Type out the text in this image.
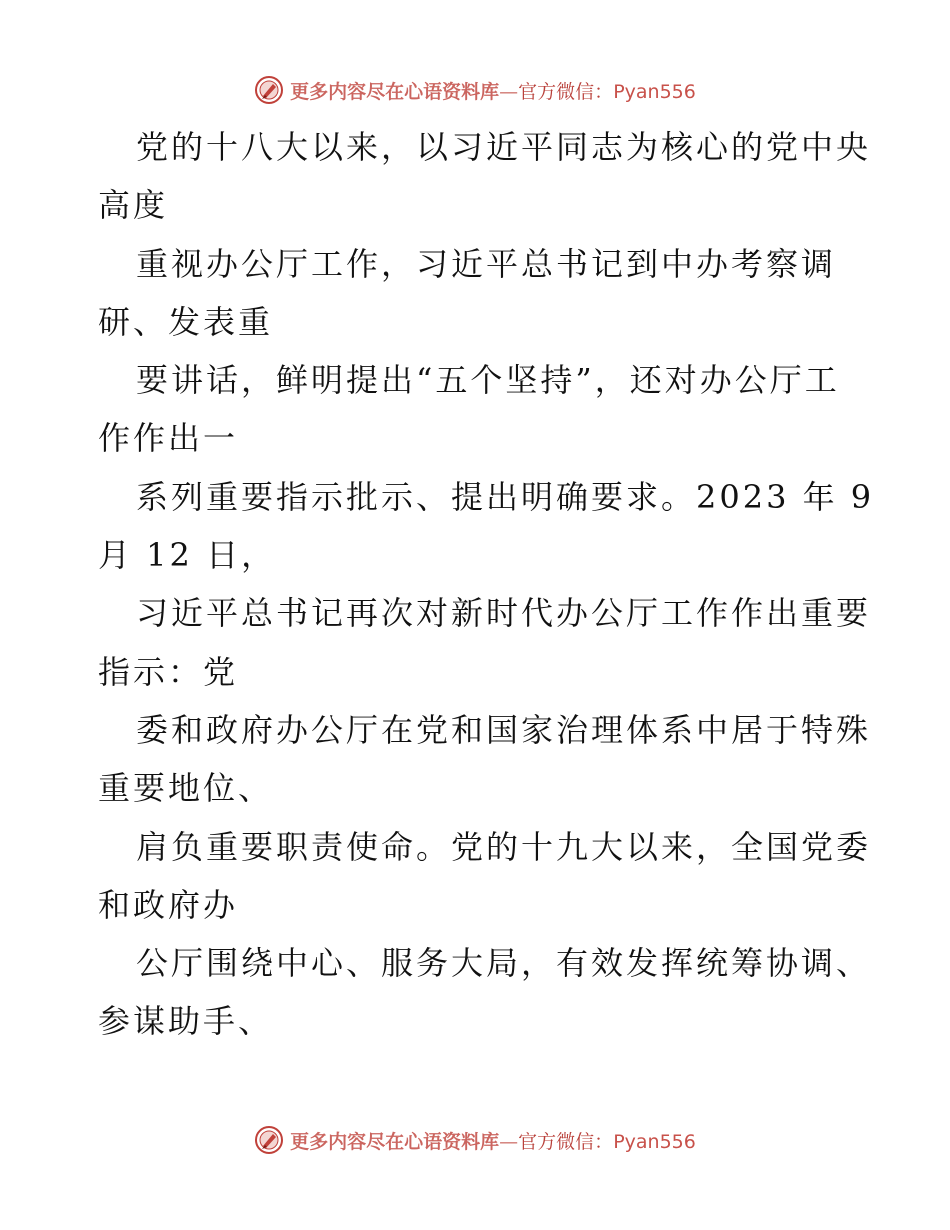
更多内容尽在心语资料库—官方微信：Pyan556
党的十八大以来，以习近平同志为核心的党中央
高度
重视办公厅工作，习近平总书记到中办考察调
研、发表重
要讲话，鲜明提出“五个坚持”，还对办公厅工
作作出一
系列重要指示批示、提出明确要求。2023 年 9
月 12 日，
习近平总书记再次对新时代办公厅工作作出重要
指示：党
委和政府办公厅在党和国家治理体系中居于特殊
重要地位、
肩负重要职责使命。党的十九大以来，全国党委
和政府办
公厅围绕中心、服务大局，有效发挥统筹协调、
参谋助手、
更多内容尽在心语资料库—官方微信：Pyan556
